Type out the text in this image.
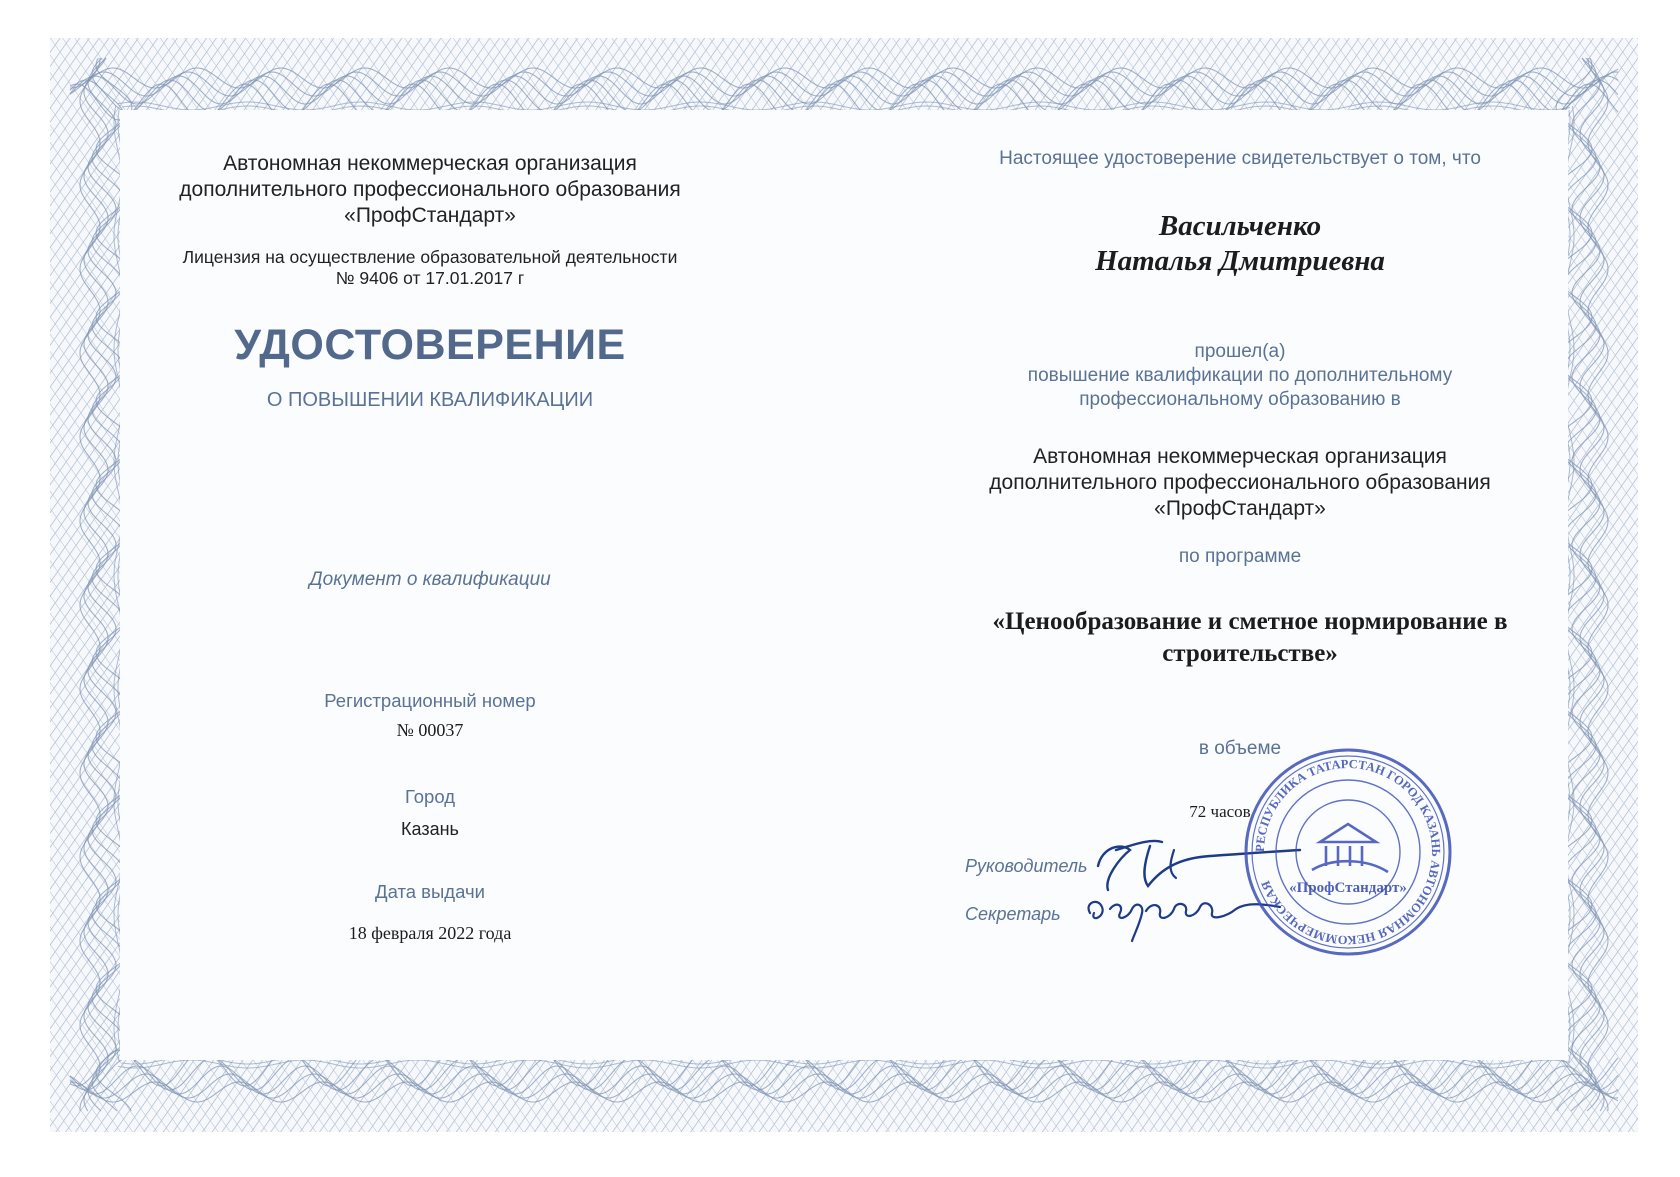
Автономная некоммерческая организация

дополнительного профессионального образования

«ПрофСтандарт»

Лицензия на осуществление образовательной деятельности

№ 9406 от 17.01.2017 г

УДОСТОВЕРЕНИЕ

О ПОВЫШЕНИИ КВАЛИФИКАЦИИ

Документ о квалификации

Регистрационный номер

№ 00037

Город

Казань

Дата выдачи

18 февраля 2022 года

Настоящее удостоверение свидетельствует о том, что

Васильченко

Наталья Дмитриевна

прошел(а)

повышение квалификации по дополнительному

профессиональному образованию в

Автономная некоммерческая организация

дополнительного профессионального образования

«ПрофСтандарт»

по программе

«Ценообразование и сметное нормирование в

строительстве»

в объеме

72 часов

Руководитель

Секретарь

РЕСПУБЛИКА ТАТАРСТАН ГОРОД КАЗАНЬ АВТОНОМНАЯ НЕКОММЕРЧЕСКАЯ «ПрофСтандарт»
